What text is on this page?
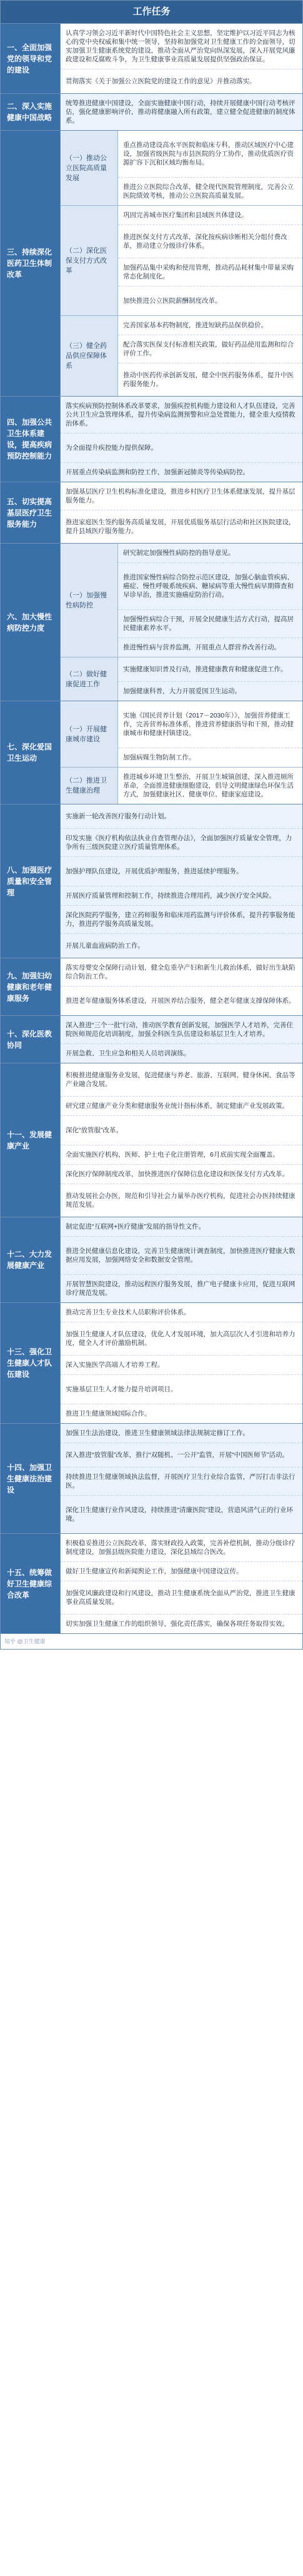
工作任务
一、全面加强党的领导和党的建设
认真学习领会习近平新时代中国特色社会主义思想，坚定维护以习近平同志为核心的党中央权威和集中统一领导，坚持和加强党对卫生健康工作的全面领导，切实加强卫生健康系统党的建设，推动全面从严治党向纵深发展，深入开展党风廉政建设和反腐败斗争，为卫生健康事业高质量发展提供坚强政治保证。
贯彻落实《关于加强公立医院党的建设工作的意见》并推动落实。
二、深入实施健康中国战略
统筹推进健康中国建设，全面实施健康中国行动，持续开展健康中国行动考核评估，强化健康影响评价，推动将健康融入所有政策，建立健全促进健康的制度体系。
三、持续深化医药卫生体制改革
（一）推动公立医院高质量发展
重点推动建设高水平医院和临床专科，推动区域医疗中心建设，加强省级医院与市县医院的分工协作，推动优质医疗资源扩容下沉和区域均衡布局。
推进公立医院综合改革，健全现代医院管理制度，完善公立医院绩效考核，推动公立医院高质量发展。
（二）深化医保支付方式改革
巩固完善城市医疗集团和县域医共体建设。
推进医保支付方式改革，深化按疾病诊断相关分组付费改革，推动建立分级诊疗体系。
加强药品集中采购和使用管理，推动药品耗材集中带量采购常态化制度化。
加快推进公立医院薪酬制度改革。
（三）健全药品供应保障体系
完善国家基本药物制度，推进短缺药品保供稳价。
配合落实医保支付标准相关政策，做好药品使用监测和综合评价工作。
推动中医药传承创新发展，健全中医药服务体系，提升中医药服务能力。
四、加强公共卫生体系建设，提高疾病预防控制能力
落实疾病预防控制体系改革要求，加强疾控机构能力建设和人才队伍建设，完善公共卫生应急管理体系，提升传染病监测预警和应急处置能力，健全重大疫情救治体系。
为全面提升疾控能力提供保障。
开展重点传染病监测和防控工作，加强新冠肺炎等传染病防控。
五、切实提高基层医疗卫生服务能力
加强基层医疗卫生机构标准化建设，推进乡村医疗卫生体系健康发展，提升基层服务能力。
推进家庭医生签约服务高质量发展，开展优质服务基层行活动和社区医院建设，提升县域医疗服务能力。
六、加大慢性病防控力度
（一）加强慢性病防控
研究制定加强慢性病防控的指导意见。
推进国家慢性病综合防控示范区建设，加强心脑血管疾病、癌症、慢性呼吸系统疾病、糖尿病等重大慢性病早期筛查和早诊早治，推进实施癌症防治行动。
加强慢性病综合干预，开展全民健康生活方式行动，提高居民健康素养水平。
推进慢性病与营养监测，开展重点人群营养改善行动。
（二）做好健康促进工作
实施健康知识普及行动，推进健康教育和健康促进工作。
加强健康科普，大力开展爱国卫生运动。
七、深化爱国卫生运动
（一）开展健康城市建设
实施《国民营养计划（2017－2030年）》，加强营养健康工作，完善营养标准体系，推进营养健康指导和干预，推动健康城市和健康村镇建设。
加强病媒生物防制工作。
（二）推进卫生健康治理
推进城乡环境卫生整治，开展卫生城镇创建，深入推进厕所革命，全面推进健康细胞建设，倡导文明健康绿色环保生活方式，加强健康社区、健康单位、健康家庭建设。
八、加强医疗质量和安全管理
实施新一轮改善医疗服务行动计划。
印发实施《医疗机构依法执业自查管理办法》，全面加强医疗质量安全管理，力争所有三级医院建立医疗质量管理体系。
加强护理队伍建设，开展优质护理服务，推进延续护理服务。
开展医疗质量管理和控制工作，持续推进合理用药，减少医疗安全风险。
深化医院药学服务，建立药师服务和临床用药监测与评价体系，提升药事服务能力，推进药学服务高质量发展。
开展儿童血液病防治工作。
九、加强妇幼健康和老年健康服务
落实母婴安全保障行动计划，健全危重孕产妇和新生儿救治体系，做好出生缺陷综合防治工作。
推进老年健康服务体系建设，开展医养结合服务，健全老年健康支撑保障体系。
十、深化医教协同
深入推进“三个一批”行动，推动医学教育创新发展，加强医学人才培养，完善住院医师规范化培训制度，加强全科医生队伍建设和基层卫生人才培养。
开展急救、卫生应急和相关人员培训演练。
十一、发展健康产业
积极推进健康服务业发展，促进健康与养老、旅游、互联网、健身休闲、食品等产业融合发展。
研究建立健康产业分类和健康服务业统计指标体系，制定健康产业发展政策。
深化“放管服”改革。
全面实施医疗机构、医师、护士电子化注册管理，6月底前实现全面覆盖。
深化医疗保障制度改革，加快推进医疗保障信息化建设和医保支付方式改革。
推动发展社会办医，规范和引导社会力量举办医疗机构，促进社会办医持续健康规范发展。
十二、大力发展健康产业
制定促进“互联网+医疗健康”发展的指导性文件。
推进全民健康信息化建设，完善卫生健康统计调查制度，加快推进医疗健康大数据应用发展，加强网络安全和数据安全管理。
开展智慧医院建设，推动远程医疗服务发展，推广电子健康卡应用，促进互联网诊疗规范发展。
十三、强化卫生健康人才队伍建设
推动完善卫生专业技术人员职称评价体系。
加强卫生健康人才队伍建设，优化人才发展环境，加大高层次人才引进和培养力度，健全人才评价激励机制。
深入实施医学高端人才培养工程。
实施基层卫生人才能力提升培训项目。
推进卫生健康领域国际合作。
十四、加强卫生健康法治建设
加强卫生法治建设，推进卫生健康领域法律法规制定修订工作。
深入推进“放管服”改革，推行“双随机、一公开”监管，开展“中国医师节”活动。
持续推进卫生健康领域执法监督，开展医疗卫生行业综合监管，严厉打击非法行医。
深化卫生健康行业作风建设，持续推进“清廉医院”建设，营造风清气正的行业环境。
十五、统筹做好卫生健康综合改革
积极稳妥推进公立医院改革，落实财政投入政策，完善补偿机制，推动分级诊疗制度建设，加强县级医院能力建设，深化县域综合医改。
做好卫生健康宣传和新闻舆论工作，加强健康中国建设宣传。
加强党风廉政建设和行风建设，推动卫生健康系统全面从严治党，推进卫生健康事业高质量发展。
切实加强卫生健康工作的组织领导，强化责任落实，确保各项任务取得实效。
知乎 @卫生健康
